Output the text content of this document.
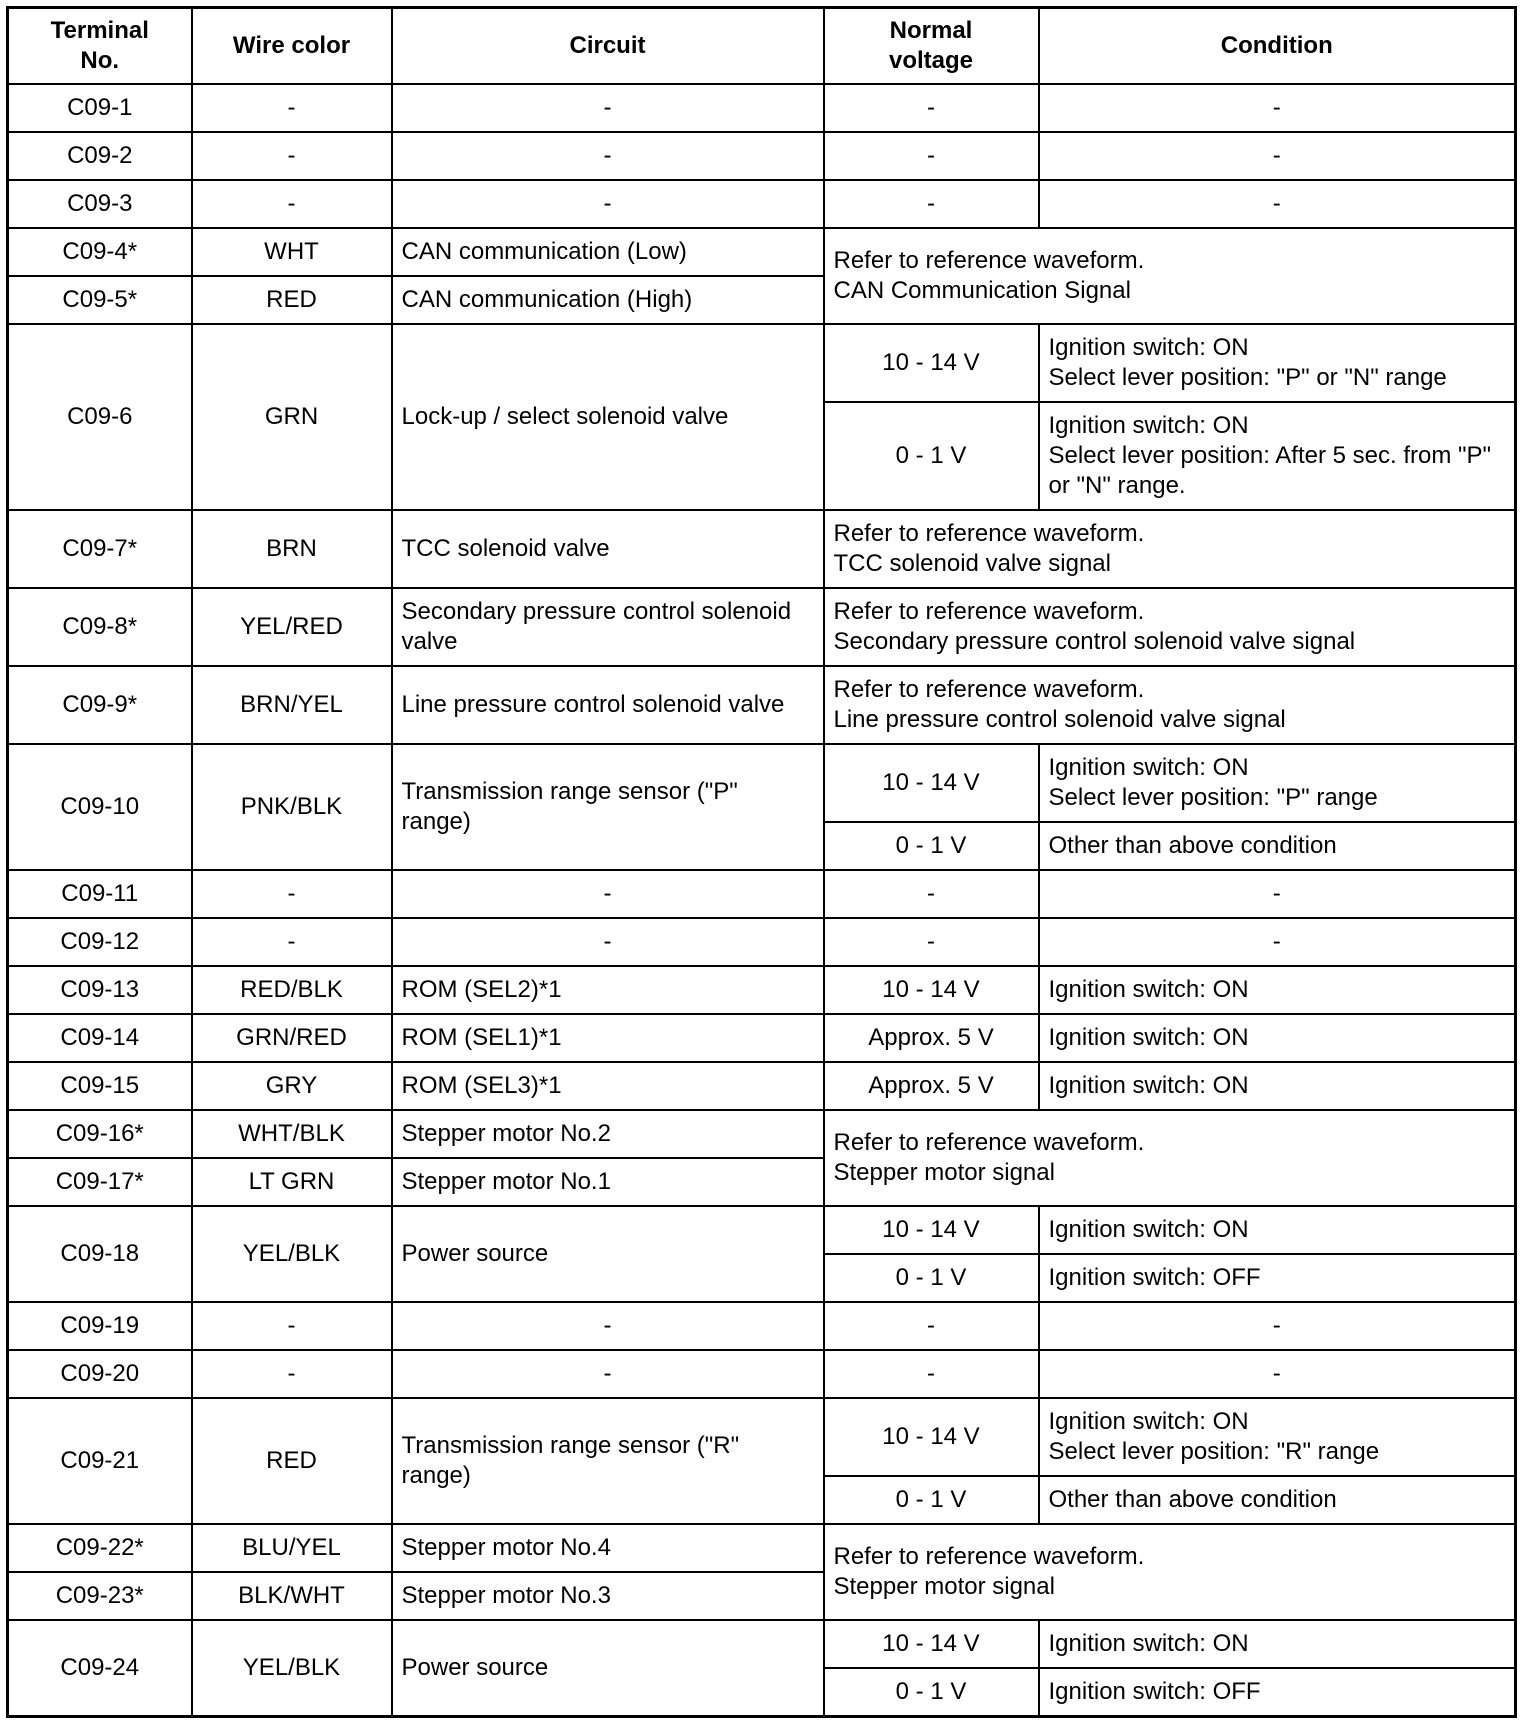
Terminal
No.	Wire color	Circuit	Normal
voltage	Condition
C09-1	-	-	-	-
C09-2	-	-	-	-
C09-3	-	-	-	-
C09-4*	WHT	CAN communication (Low)	Refer to reference waveform.
CAN Communication Signal	
C09-5*	RED	CAN communication (High)		
C09-6	GRN	Lock-up / select solenoid valve	10 - 14 V	Ignition switch: ON
Select lever position: "P" or "N" range
			0 - 1 V	Ignition switch: ON
Select lever position: After 5 sec. from "P" or "N" range.
C09-7*	BRN	TCC solenoid valve	Refer to reference waveform.
TCC solenoid valve signal	
C09-8*	YEL/RED	Secondary pressure control solenoid valve	Refer to reference waveform.
Secondary pressure control solenoid valve signal	
C09-9*	BRN/YEL	Line pressure control solenoid valve	Refer to reference waveform.
Line pressure control solenoid valve signal	
C09-10	PNK/BLK	Transmission range sensor ("P" range)	10 - 14 V	Ignition switch: ON
Select lever position: "P" range
			0 - 1 V	Other than above condition
C09-11	-	-	-	-
C09-12	-	-	-	-
C09-13	RED/BLK	ROM (SEL2)*1	10 - 14 V	Ignition switch: ON
C09-14	GRN/RED	ROM (SEL1)*1	Approx. 5 V	Ignition switch: ON
C09-15	GRY	ROM (SEL3)*1	Approx. 5 V	Ignition switch: ON
C09-16*	WHT/BLK	Stepper motor No.2	Refer to reference waveform.
Stepper motor signal	
C09-17*	LT GRN	Stepper motor No.1		
C09-18	YEL/BLK	Power source	10 - 14 V	Ignition switch: ON
			0 - 1 V	Ignition switch: OFF
C09-19	-	-	-	-
C09-20	-	-	-	-
C09-21	RED	Transmission range sensor ("R" range)	10 - 14 V	Ignition switch: ON
Select lever position: "R" range
			0 - 1 V	Other than above condition
C09-22*	BLU/YEL	Stepper motor No.4	Refer to reference waveform.
Stepper motor signal	
C09-23*	BLK/WHT	Stepper motor No.3		
C09-24	YEL/BLK	Power source	10 - 14 V	Ignition switch: ON
			0 - 1 V	Ignition switch: OFF
